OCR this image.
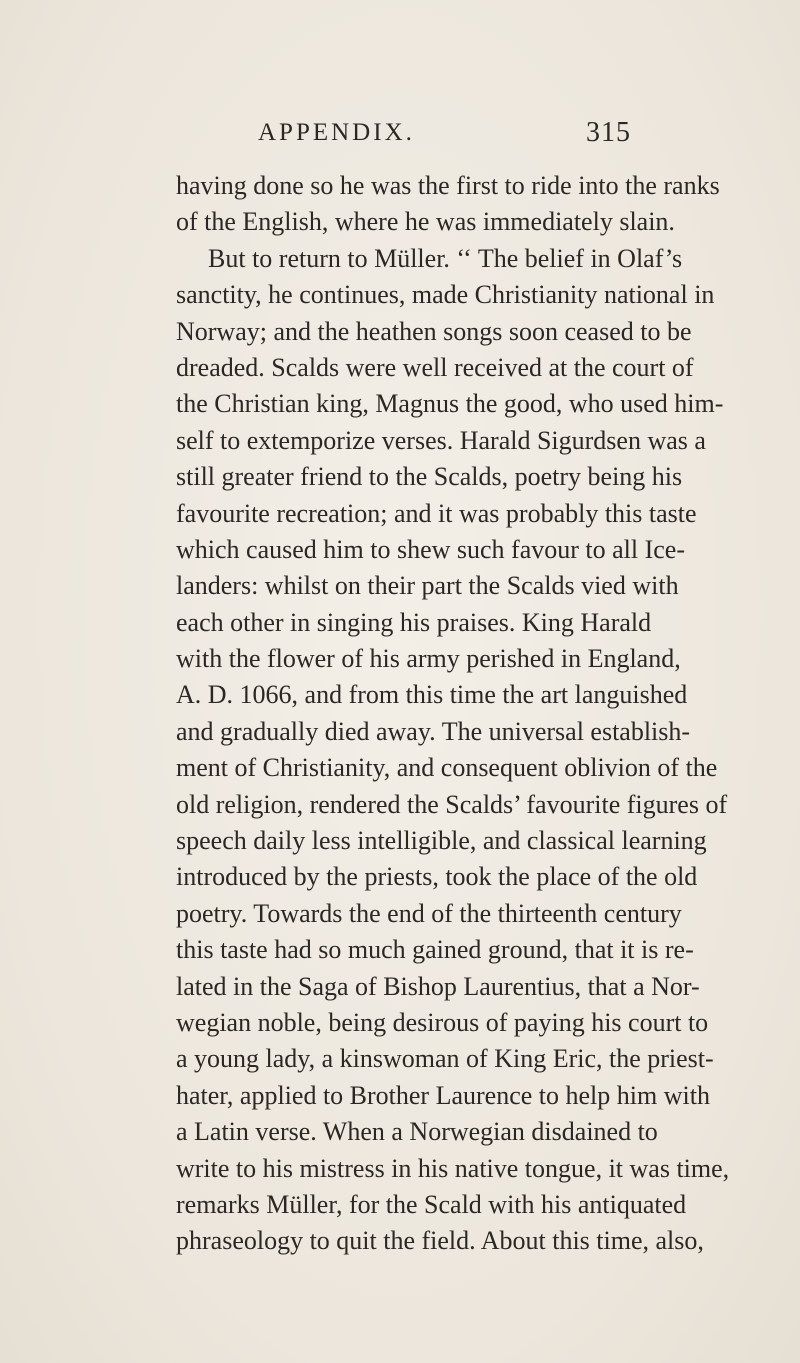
APPENDIX.	315
having done so he was the first to ride into the ranks
of the English, where he was immediately slain.
But to return to Müller. ‘‘ The belief in Olaf’s
sanctity, he continues, made Christianity national in
Norway; and the heathen songs soon ceased to be
dreaded. Scalds were well received at the court of
the Christian king, Magnus the good, who used him-
self to extemporize verses. Harald Sigurdsen was a
still greater friend to the Scalds, poetry being his
favourite recreation; and it was probably this taste
which caused him to shew such favour to all Ice-
landers: whilst on their part the Scalds vied with
each other in singing his praises. King Harald
with the flower of his army perished in England,
A. D. 1066, and from this time the art languished
and gradually died away. The universal establish-
ment of Christianity, and consequent oblivion of the
old religion, rendered the Scalds’ favourite figures of
speech daily less intelligible, and classical learning
introduced by the priests, took the place of the old
poetry. Towards the end of the thirteenth century
this taste had so much gained ground, that it is re-
lated in the Saga of Bishop Laurentius, that a Nor-
wegian noble, being desirous of paying his court to
a young lady, a kinswoman of King Eric, the priest-
hater, applied to Brother Laurence to help him with
a Latin verse. When a Norwegian disdained to
write to his mistress in his native tongue, it was time,
remarks Müller, for the Scald with his antiquated
phraseology to quit the field. About this time, also,
